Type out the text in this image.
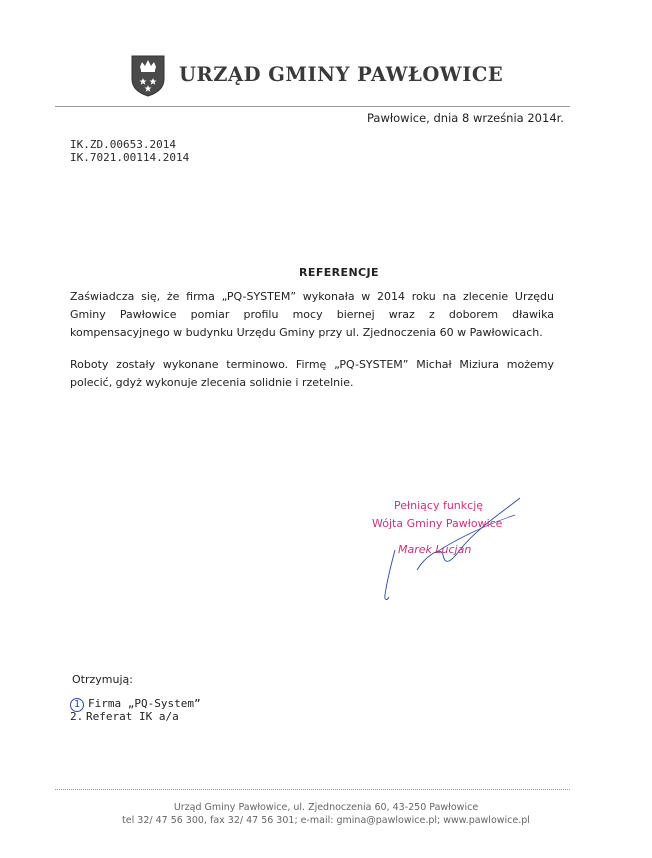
URZĄD GMINY PAWŁOWICE
Pawłowice, dnia 8 września 2014r.
IK.ZD.00653.2014
IK.7021.00114.2014
REFERENCJE
Zaświadcza się, że firma „PQ-SYSTEM” wykonała w 2014 roku na zlecenie Urzędu Gminy Pawłowice pomiar profilu mocy biernej wraz z doborem dławika kompensacyjnego w budynku Urzędu Gminy przy ul. Zjednoczenia 60 w Pawłowicach.
Roboty zostały wykonane terminowo. Firmę „PQ-SYSTEM” Michał Miziura możemy polecić, gdyż wykonuje zlecenia solidnie i rzetelnie.
Pełniący funkcję
Wójta Gminy Pawłowice
Marek Lucjan
Otrzymują:
1 Firma „PQ-System”
2. Referat IK a/a
Urząd Gminy Pawłowice, ul. Zjednoczenia 60, 43-250 Pawłowice
tel 32/ 47 56 300, fax 32/ 47 56 301; e-mail: gmina@pawlowice.pl; www.pawlowice.pl
